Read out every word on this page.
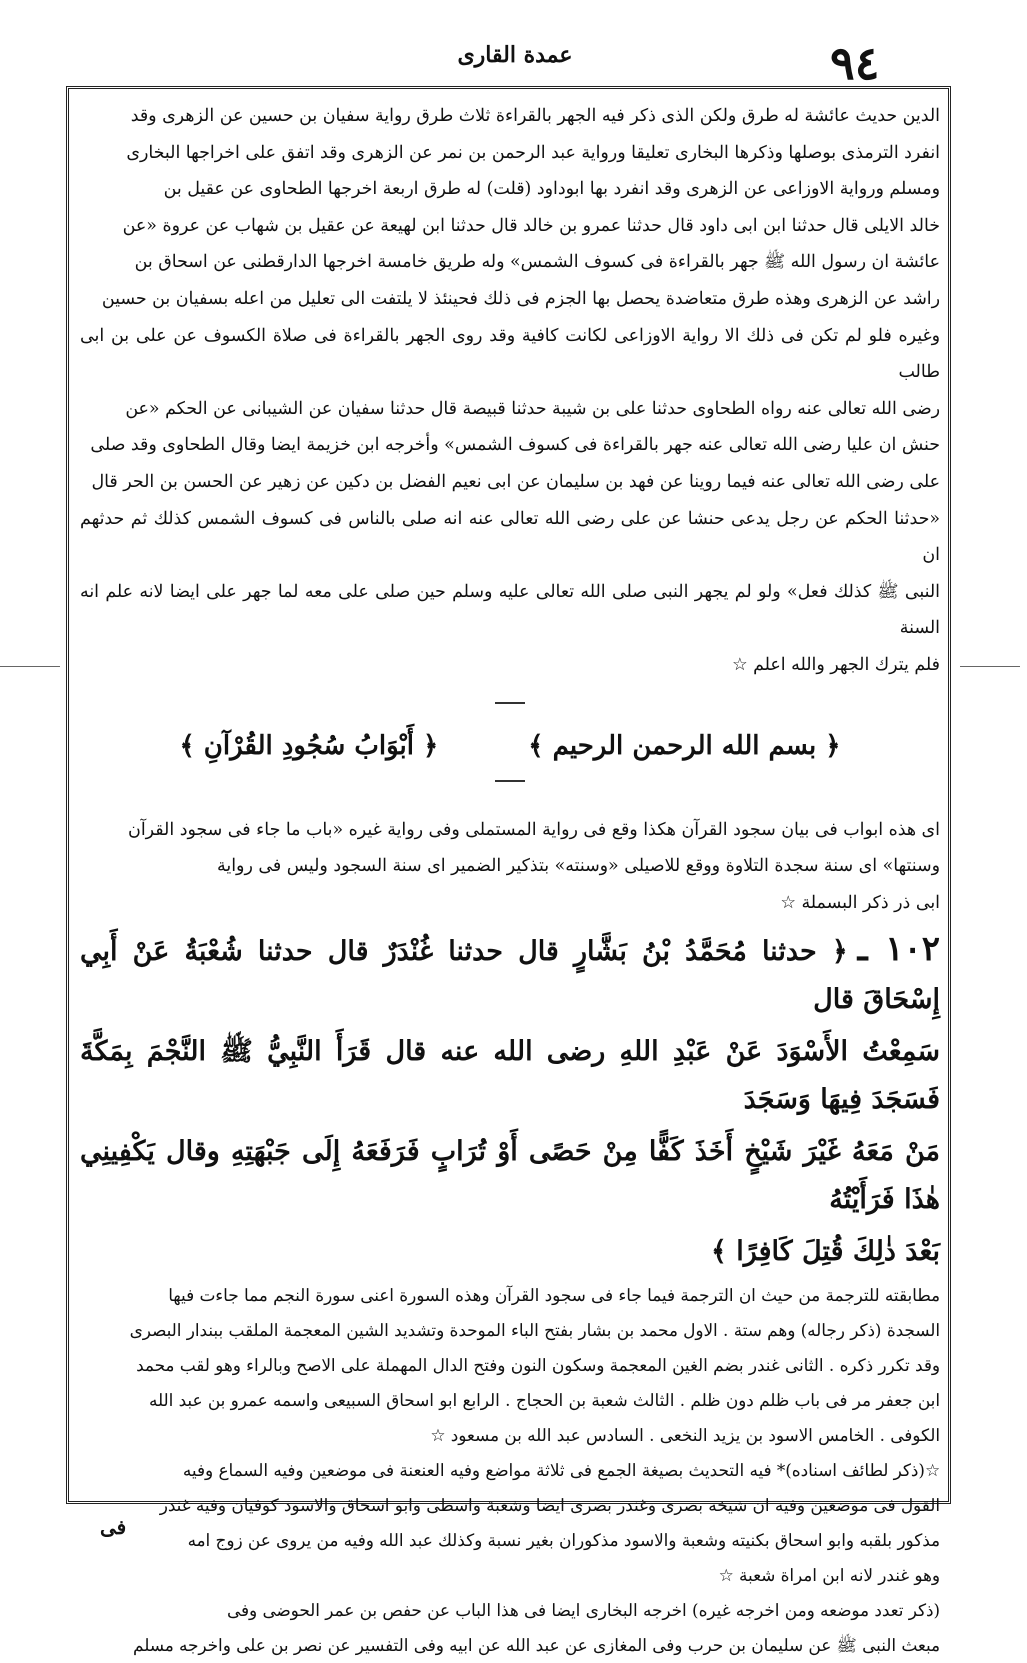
٩٤
عمدة القارى

الدين حديث عائشة له طرق ولكن الذى ذكر فيه الجهر بالقراءة ثلاث طرق رواية سفيان بن حسين عن الزهرى وقد

انفرد الترمذى بوصلها وذكرها البخارى تعليقا ورواية عبد الرحمن بن نمر عن الزهرى وقد اتفق على اخراجها البخارى

ومسلم ورواية الاوزاعى عن الزهرى وقد انفرد بها ابوداود (قلت) له طرق اربعة اخرجها الطحاوى عن عقيل بن

خالد الايلى قال حدثنا ابن ابى داود قال حدثنا عمرو بن خالد قال حدثنا ابن لهيعة عن عقيل بن شهاب عن عروة «عن

عائشة ان رسول الله ﷺ جهر بالقراءة فى كسوف الشمس» وله طريق خامسة اخرجها الدارقطنى عن اسحاق بن

راشد عن الزهرى وهذه طرق متعاضدة يحصل بها الجزم فى ذلك فحينئذ لا يلتفت الى تعليل من اعله بسفيان بن حسين

وغيره فلو لم تكن فى ذلك الا رواية الاوزاعى لكانت كافية وقد روى الجهر بالقراءة فى صلاة الكسوف عن على بن ابى طالب

رضى الله تعالى عنه رواه الطحاوى حدثنا على بن شيبة حدثنا قبيصة قال حدثنا سفيان عن الشيبانى عن الحكم «عن

حنش ان عليا رضى الله تعالى عنه جهر بالقراءة فى كسوف الشمس» وأخرجه ابن خزيمة ايضا وقال الطحاوى وقد صلى

على رضى الله تعالى عنه فيما روينا عن فهد بن سليمان عن ابى نعيم الفضل بن دكين عن زهير عن الحسن بن الحر قال

«حدثنا الحكم عن رجل يدعى حنشا عن على رضى الله تعالى عنه انه صلى بالناس فى كسوف الشمس كذلك ثم حدثهم ان

النبى ﷺ كذلك فعل» ولو لم يجهر النبى صلى الله تعالى عليه وسلم حين صلى على معه لما جهر على ايضا لانه علم انه السنة

فلم يترك الجهر والله اعلم ☆

﴿ بسم الله الرحمن الرحيم ﴾
﴿ أَبْوَابُ سُجُودِ القُرْآنِ ﴾

اى هذه ابواب فى بيان سجود القرآن هكذا وقع فى رواية المستملى وفى رواية غيره «باب ما جاء فى سجود القرآن

وسنتها» اى سنة سجدة التلاوة ووقع للاصيلى «وسنته» بتذكير الضمير اى سنة السجود وليس فى رواية

ابى ذر ذكر البسملة ☆

١٠٢ ـ﴿ حدثنا مُحَمَّدُ بْنُ بَشَّارٍ قال حدثنا غُنْدَرٌ قال حدثنا شُعْبَةُ عَنْ أَبِي إِسْحَاقَ قال

سَمِعْتُ الأَسْوَدَ عَنْ عَبْدِ اللهِ رضى الله عنه قال قَرَأَ النَّبِيُّ ﷺ النَّجْمَ بِمَكَّةَ فَسَجَدَ فِيهَا وَسَجَدَ

مَنْ مَعَهُ غَيْرَ شَيْخٍ أَخَذَ كَفًّا مِنْ حَصًى أَوْ تُرَابٍ فَرَفَعَهُ إِلَى جَبْهَتِهِ وقال يَكْفِينِي هٰذَا فَرَأَيْتُهُ

بَعْدَ ذٰلِكَ قُتِلَ كَافِرًا ﴾

مطابقته للترجمة من حيث ان الترجمة فيما جاء فى سجود القرآن وهذه السورة اعنى سورة النجم مما جاءت فيها

السجدة (ذكر رجاله) وهم ستة . الاول محمد بن بشار بفتح الباء الموحدة وتشديد الشين المعجمة الملقب ببندار البصرى

وقد تكرر ذكره . الثانى غندر بضم الغين المعجمة وسكون النون وفتح الدال المهملة على الاصح وبالراء وهو لقب محمد

ابن جعفر مر فى باب ظلم دون ظلم . الثالث شعبة بن الحجاج . الرابع ابو اسحاق السبيعى واسمه عمرو بن عبد الله

الكوفى . الخامس الاسود بن يزيد النخعى . السادس عبد الله بن مسعود ☆

☆(ذكر لطائف اسناده)* فيه التحديث بصيغة الجمع فى ثلاثة مواضع وفيه العنعنة فى موضعين وفيه السماع وفيه

القول فى موضعين وفيه ان شيخه بصرى وغندر بصرى ايضا وشعبة واسطى وابو اسحاق والاسود كوفيان وفيه غندر

مذكور بلقبه وابو اسحاق بكنيته وشعبة والاسود مذكوران بغير نسبة وكذلك عبد الله وفيه من يروى عن زوج امه

وهو غندر لانه ابن امراة شعبة ☆

(ذكر تعدد موضعه ومن اخرجه غيره) اخرجه البخارى ايضا فى هذا الباب عن حفص بن عمر الحوضى وفى

مبعث النبى ﷺ عن سليمان بن حرب وفى المغازى عن عبد الله عن ابيه وفى التفسير عن نصر بن على واخرجه مسلم

فى
